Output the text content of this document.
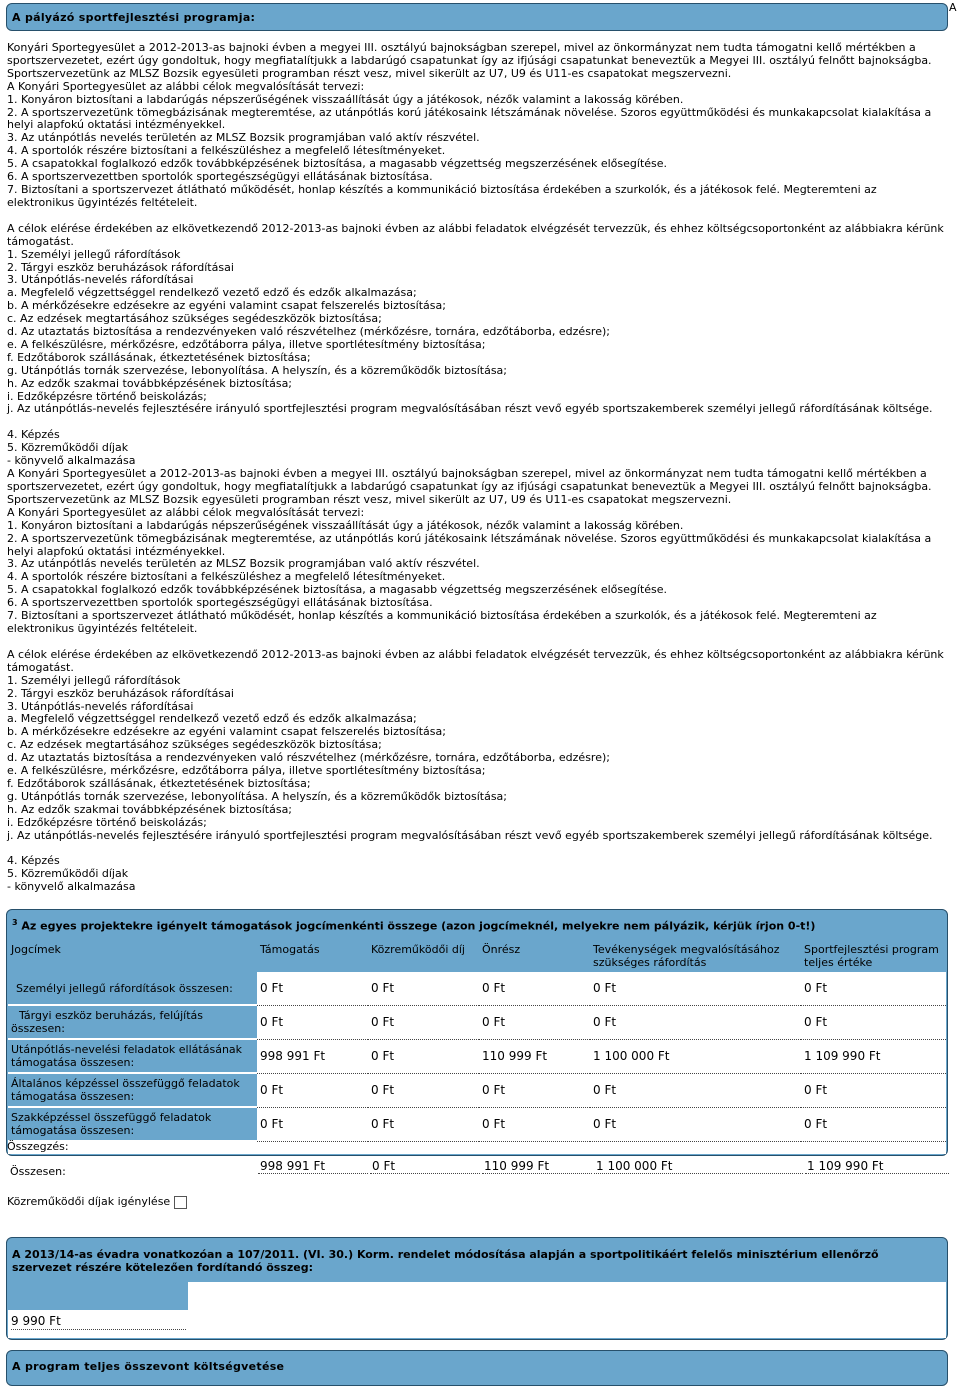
A pályázó sportfejlesztési programja:
A
Konyári Sportegyesület a 2012-2013-as bajnoki évben a megyei III. osztályú bajnokságban szerepel, mivel az önkormányzat nem tudta támogatni kellő mértékben a sportszervezetet, ezért úgy gondoltuk, hogy megfiatalítjukk a labdarúgó csapatunkat így az ifjúsági csapatunkat beneveztük a Megyei III. osztályú felnőtt bajnokságba.
Sportszervezetünk az MLSZ Bozsik egyesületi programban részt vesz, mivel sikerült az U7, U9 és U11-es csapatokat megszervezni.
A Konyári Sportegyesület az alábbi célok megvalósítását tervezi:
1. Konyáron biztosítani a labdarúgás népszerűségének visszaállítását úgy a játékosok, nézők valamint a lakosság körében.
2. A sportszervezetünk tömegbázisának megteremtése, az utánpótlás korú játékosaink létszámának növelése. Szoros együttműködési és munkakapcsolat kialakítása a helyi alapfokú oktatási intézményekkel.
3. Az utánpótlás nevelés területén az MLSZ Bozsik programjában való aktív részvétel.
4. A sportolók részére biztosítani a felkészüléshez a megfelelő létesítményeket.
5. A csapatokkal foglalkozó edzők továbbképzésének biztosítása, a magasabb végzettség megszerzésének elősegítése.
6. A sportszervezettben sportolók sportegészségügyi ellátásának biztosítása.
7. Biztosítani a sportszervezet átlátható működését, honlap készítés a kommunikáció biztosítása érdekében a szurkolók, és a játékosok felé. Megteremteni az elektronikus ügyintézés feltételeit.
A célok elérése érdekében az elkövetkezendő 2012-2013-as bajnoki évben az alábbi feladatok elvégzését tervezzük, és ehhez költségcsoportonként az alábbiakra kérünk támogatást.
1. Személyi jellegű ráfordítások
2. Tárgyi eszköz beruházások ráfordításai
3. Utánpótlás-nevelés ráfordításai
a. Megfelelő végzettséggel rendelkező vezető edző és edzők alkalmazása;
b. A mérkőzésekre edzésekre az egyéni valamint csapat felszerelés biztosítása;
c. Az edzések megtartásához szükséges segédeszközök biztosítása;
d. Az utaztatás biztosítása a rendezvényeken való részvételhez (mérkőzésre, tornára, edzőtáborba, edzésre);
e. A felkészülésre, mérkőzésre, edzőtáborra pálya, illetve sportlétesítmény biztosítása;
f. Edzőtáborok szállásának, étkeztetésének biztosítása;
g. Utánpótlás tornák szervezése, lebonyolítása. A helyszín, és a közreműködők biztosítása;
h. Az edzők szakmai továbbképzésének biztosítása;
i. Edzőképzésre történő beiskolázás;
j. Az utánpótlás-nevelés fejlesztésére irányuló sportfejlesztési program megvalósításában részt vevő egyéb sportszakemberek személyi jellegű ráfordításának költsége.
4. Képzés
5. Közreműködői díjak
- könyvelő alkalmazása
A Konyári Sportegyesület a 2012-2013-as bajnoki évben a megyei III. osztályú bajnokságban szerepel, mivel az önkormányzat nem tudta támogatni kellő mértékben a sportszervezetet, ezért úgy gondoltuk, hogy megfiatalítjukk a labdarúgó csapatunkat így az ifjúsági csapatunkat beneveztük a Megyei III. osztályú felnőtt bajnokságba.
Sportszervezetünk az MLSZ Bozsik egyesületi programban részt vesz, mivel sikerült az U7, U9 és U11-es csapatokat megszervezni.
A Konyári Sportegyesület az alábbi célok megvalósítását tervezi:
1. Konyáron biztosítani a labdarúgás népszerűségének visszaállítását úgy a játékosok, nézők valamint a lakosság körében.
2. A sportszervezetünk tömegbázisának megteremtése, az utánpótlás korú játékosaink létszámának növelése. Szoros együttműködési és munkakapcsolat kialakítása a helyi alapfokú oktatási intézményekkel.
3. Az utánpótlás nevelés területén az MLSZ Bozsik programjában való aktív részvétel.
4. A sportolók részére biztosítani a felkészüléshez a megfelelő létesítményeket.
5. A csapatokkal foglalkozó edzők továbbképzésének biztosítása, a magasabb végzettség megszerzésének elősegítése.
6. A sportszervezettben sportolók sportegészségügyi ellátásának biztosítása.
7. Biztosítani a sportszervezet átlátható működését, honlap készítés a kommunikáció biztosítása érdekében a szurkolók, és a játékosok felé. Megteremteni az elektronikus ügyintézés feltételeit.
A célok elérése érdekében az elkövetkezendő 2012-2013-as bajnoki évben az alábbi feladatok elvégzését tervezzük, és ehhez költségcsoportonként az alábbiakra kérünk támogatást.
1. Személyi jellegű ráfordítások
2. Tárgyi eszköz beruházások ráfordításai
3. Utánpótlás-nevelés ráfordításai
a. Megfelelő végzettséggel rendelkező vezető edző és edzők alkalmazása;
b. A mérkőzésekre edzésekre az egyéni valamint csapat felszerelés biztosítása;
c. Az edzések megtartásához szükséges segédeszközök biztosítása;
d. Az utaztatás biztosítása a rendezvényeken való részvételhez (mérkőzésre, tornára, edzőtáborba, edzésre);
e. A felkészülésre, mérkőzésre, edzőtáborra pálya, illetve sportlétesítmény biztosítása;
f. Edzőtáborok szállásának, étkeztetésének biztosítása;
g. Utánpótlás tornák szervezése, lebonyolítása. A helyszín, és a közreműködők biztosítása;
h. Az edzők szakmai továbbképzésének biztosítása;
i. Edzőképzésre történő beiskolázás;
j. Az utánpótlás-nevelés fejlesztésére irányuló sportfejlesztési program megvalósításában részt vevő egyéb sportszakemberek személyi jellegű ráfordításának költsége.
4. Képzés
5. Közreműködői díjak
- könyvelő alkalmazása
$^3$ Az egyes projektekre igényelt támogatások jogcímenkénti összege (azon jogcímeknél, melyekre nem pályázik, kérjük írjon 0-t!)
Jogcímek	Támogatás	Közreműködői díj	Önrész	Tevékenységek megvalósításához szükséges ráfordítás	Sportfejlesztési program teljes értéke
Személyi jellegű ráfordítások összesen:	0 Ft	0 Ft	0 Ft	0 Ft	0 Ft
Tárgyi eszköz beruházás, felújítás összesen:	0 Ft	0 Ft	0 Ft	0 Ft	0 Ft
Utánpótlás-nevelési feladatok ellátásának támogatása összesen:	998 991 Ft	0 Ft	110 999 Ft	1 100 000 Ft	1 109 990 Ft
Általános képzéssel összefüggő feladatok támogatása összesen:	0 Ft	0 Ft	0 Ft	0 Ft	0 Ft
Szakképzéssel összefüggő feladatok támogatása összesen:	0 Ft	0 Ft	0 Ft	0 Ft	0 Ft
Összegzés:
Összesen:	998 991 Ft	0 Ft	110 999 Ft	1 100 000 Ft	1 109 990 Ft
Közreműködői díjak igénylése
A 2013/14-as évadra vonatkozóan a 107/2011. (VI. 30.) Korm. rendelet módosítása alapján a sportpolitikáért felelős minisztérium ellenőrző szervezet részére kötelezően fordítandó összeg:
9 990 Ft
A program teljes összevont költségvetése
